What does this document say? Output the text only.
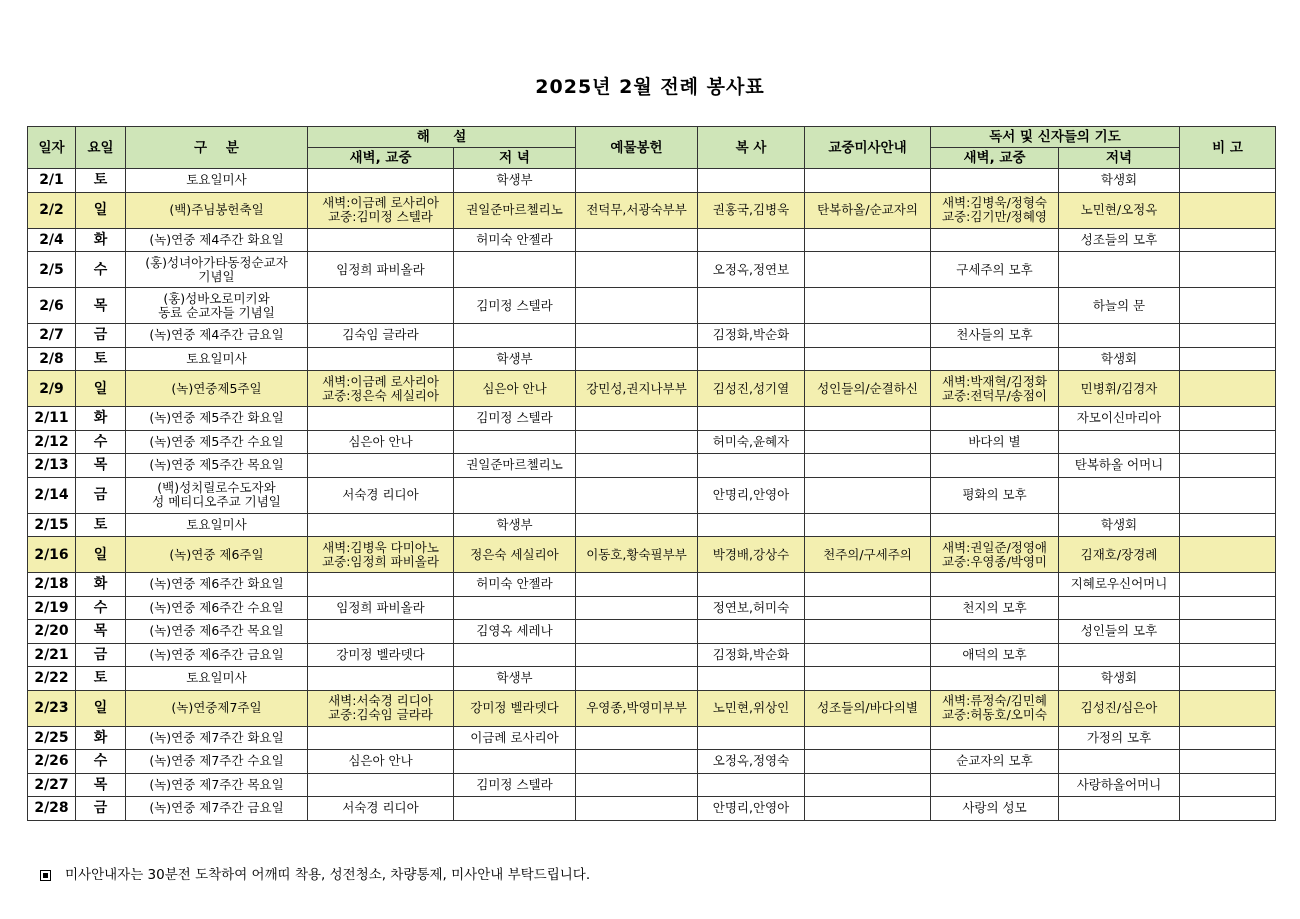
2025년 2월 전례 봉사표
일자	요일	구    분	해     설		예물봉헌	복 사	교중미사안내	독서 및 신자들의 기도		비 고
			새벽, 교중	저 녁				새벽, 교중	저녁	

2/1	토	토요일미사		학생부					학생회	

2/2	일	(백)주님봉헌축일	새벽:이금례 로사리아
교중:김미정 스텔라	권일준마르첼리노	전덕무,서광숙부부	권홍국,김병욱	탄복하올/순교자의	새벽:김병욱/정형숙
교중:김기만/정혜영	노민현/오정옥	

2/4	화	(녹)연중 제4주간 화요일		허미숙 안젤라					성조들의 모후	

2/5	수	(홍)성녀아가타동정순교자
기념일	임정희 파비올라			오정옥,정연보		구세주의 모후		

2/6	목	(홍)성바오로미키와
동료 순교자들 기념일		김미정 스텔라					하늘의 문	

2/7	금	(녹)연중 제4주간 금요일	김숙임 글라라			김정화,박순화		천사들의 모후		

2/8	토	토요일미사		학생부					학생회	

2/9	일	(녹)연중제5주일	새벽:이금례 로사리아
교중:정은숙 세실리아	심은아 안나	강민성,권지나부부	김성진,성기열	성인들의/순결하신	새벽:박재혁/김정화
교중:전덕무/송점이	민병휘/김경자	

2/11	화	(녹)연중 제5주간 화요일		김미정 스텔라					자모이신마리아	

2/12	수	(녹)연중 제5주간 수요일	심은아 안나			허미숙,윤혜자		바다의 별		

2/13	목	(녹)연중 제5주간 목요일		권일준마르첼리노					탄복하올 어머니	

2/14	금	(백)성치릴로수도자와
성 메티디오주교 기념일	서숙경 리디아			안명리,안영아		평화의 모후		

2/15	토	토요일미사		학생부					학생회	

2/16	일	(녹)연중 제6주일	새벽:김병욱 다미아노
교중:임정희 파비올라	정은숙 세실리아	이동호,황숙필부부	박경배,강상수	천주의/구세주의	새벽:권일준/정영애
교중:우영종/박영미	김재호/장경례	

2/18	화	(녹)연중 제6주간 화요일		허미숙 안젤라					지혜로우신어머니	

2/19	수	(녹)연중 제6주간 수요일	임정희 파비올라			정연보,허미숙		천지의 모후		

2/20	목	(녹)연중 제6주간 목요일		김영옥 세레나					성인들의 모후	

2/21	금	(녹)연중 제6주간 금요일	강미정 벨라뎃다			김정화,박순화		애덕의 모후		

2/22	토	토요일미사		학생부					학생회	

2/23	일	(녹)연중제7주일	새벽:서숙경 리디아
교중:김숙임 글라라	강미정 벨라뎃다	우영종,박영미부부	노민현,위상인	성조들의/바다의별	새벽:류정숙/김민혜
교중:허동호/오미숙	김성진/심은아	

2/25	화	(녹)연중 제7주간 화요일		이금례 로사리아					가정의 모후	

2/26	수	(녹)연중 제7주간 수요일	심은아 안나			오정옥,정영숙		순교자의 모후		

2/27	목	(녹)연중 제7주간 목요일		김미정 스텔라					사랑하올어머니	

2/28	금	(녹)연중 제7주간 금요일	서숙경 리디아			안명리,안영아		사랑의 성모		

미사안내자는 30분전 도착하여 어깨띠 착용, 성전청소, 차량통제, 미사안내 부탁드립니다.
